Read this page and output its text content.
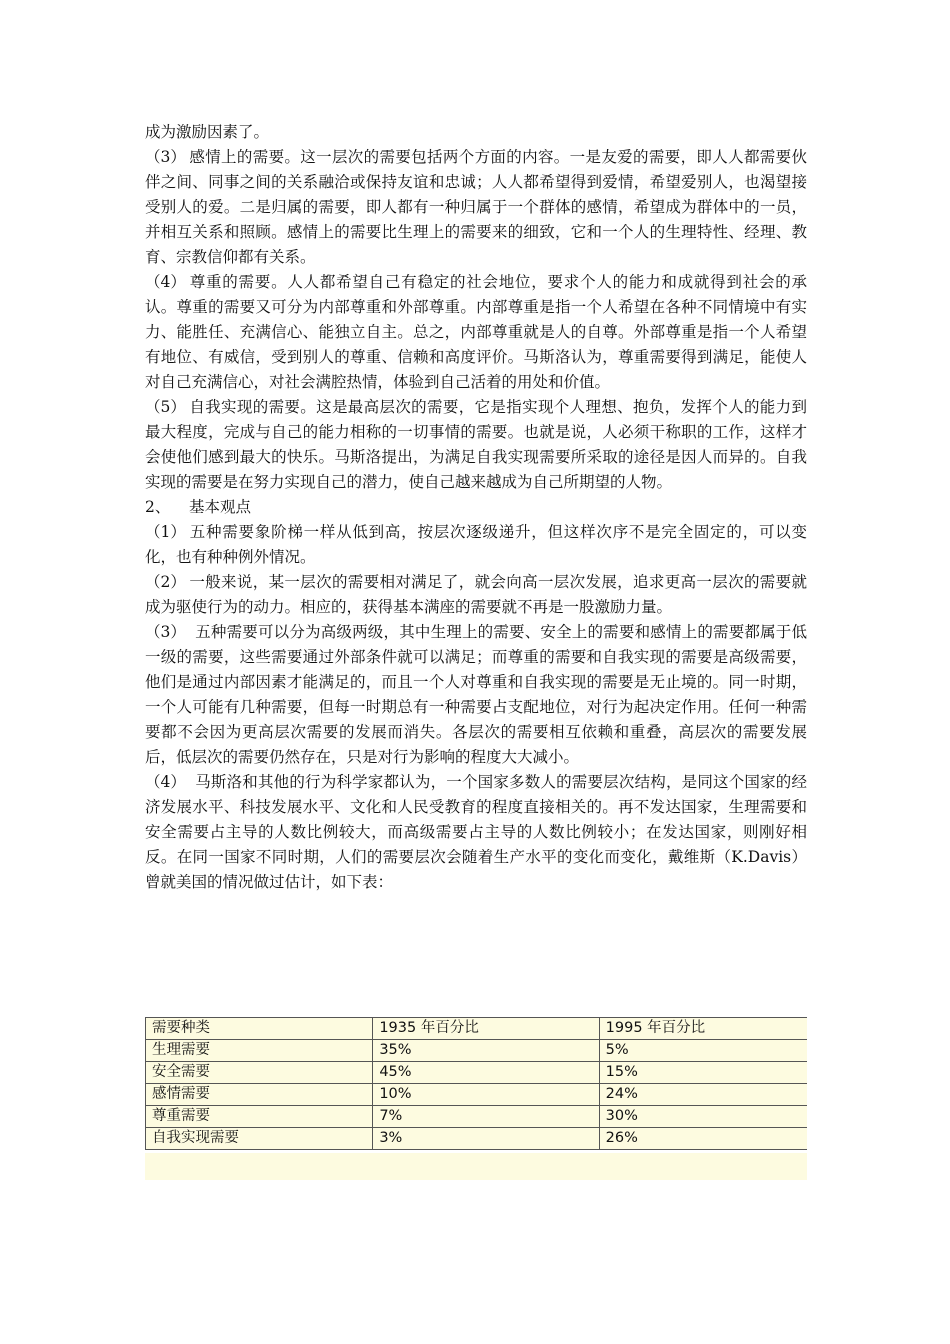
成为激励因素了。

（3） 感情上的需要。这一层次的需要包括两个方面的内容。一是友爱的需要，即人人都需要伙伴之间、同事之间的关系融洽或保持友谊和忠诚；人人都希望得到爱情，希望爱别人，也渴望接受别人的爱。二是归属的需要，即人都有一种归属于一个群体的感情，希望成为群体中的一员，并相互关系和照顾。感情上的需要比生理上的需要来的细致，它和一个人的生理特性、经理、教育、宗教信仰都有关系。

（4） 尊重的需要。人人都希望自己有稳定的社会地位，要求个人的能力和成就得到社会的承认。尊重的需要又可分为内部尊重和外部尊重。内部尊重是指一个人希望在各种不同情境中有实力、能胜任、充满信心、能独立自主。总之，内部尊重就是人的自尊。外部尊重是指一个人希望有地位、有威信，受到别人的尊重、信赖和高度评价。马斯洛认为，尊重需要得到满足，能使人对自己充满信心，对社会满腔热情，体验到自己活着的用处和价值。

（5） 自我实现的需要。这是最高层次的需要，它是指实现个人理想、抱负，发挥个人的能力到最大程度，完成与自己的能力相称的一切事情的需要。也就是说，人必须干称职的工作，这样才会使他们感到最大的快乐。马斯洛提出，为满足自我实现需要所采取的途径是因人而异的。自我实现的需要是在努力实现自己的潜力，使自己越来越成为自己所期望的人物。

2、 基本观点

（1） 五种需要象阶梯一样从低到高，按层次逐级递升，但这样次序不是完全固定的，可以变化，也有种种例外情况。

（2） 一般来说，某一层次的需要相对满足了，就会向高一层次发展，追求更高一层次的需要就成为驱使行为的动力。相应的，获得基本满座的需要就不再是一股激励力量。

（3） 五种需要可以分为高级两级，其中生理上的需要、安全上的需要和感情上的需要都属于低一级的需要，这些需要通过外部条件就可以满足；而尊重的需要和自我实现的需要是高级需要，他们是通过内部因素才能满足的，而且一个人对尊重和自我实现的需要是无止境的。同一时期，一个人可能有几种需要，但每一时期总有一种需要占支配地位，对行为起决定作用。任何一种需要都不会因为更高层次需要的发展而消失。各层次的需要相互依赖和重叠，高层次的需要发展后，低层次的需要仍然存在，只是对行为影响的程度大大减小。

（4） 马斯洛和其他的行为科学家都认为，一个国家多数人的需要层次结构，是同这个国家的经济发展水平、科技发展水平、文化和人民受教育的程度直接相关的。再不发达国家，生理需要和安全需要占主导的人数比例较大，而高级需要占主导的人数比例较小；在发达国家，则刚好相反。在同一国家不同时期，人们的需要层次会随着生产水平的变化而变化，戴维斯（K.Davis）曾就美国的情况做过估计，如下表：

需要种类	1935 年百分比	1995 年百分比
生理需要	35%	5%
安全需要	45%	15%
感情需要	10%	24%
尊重需要	7%	30%
自我实现需要	3%	26%
